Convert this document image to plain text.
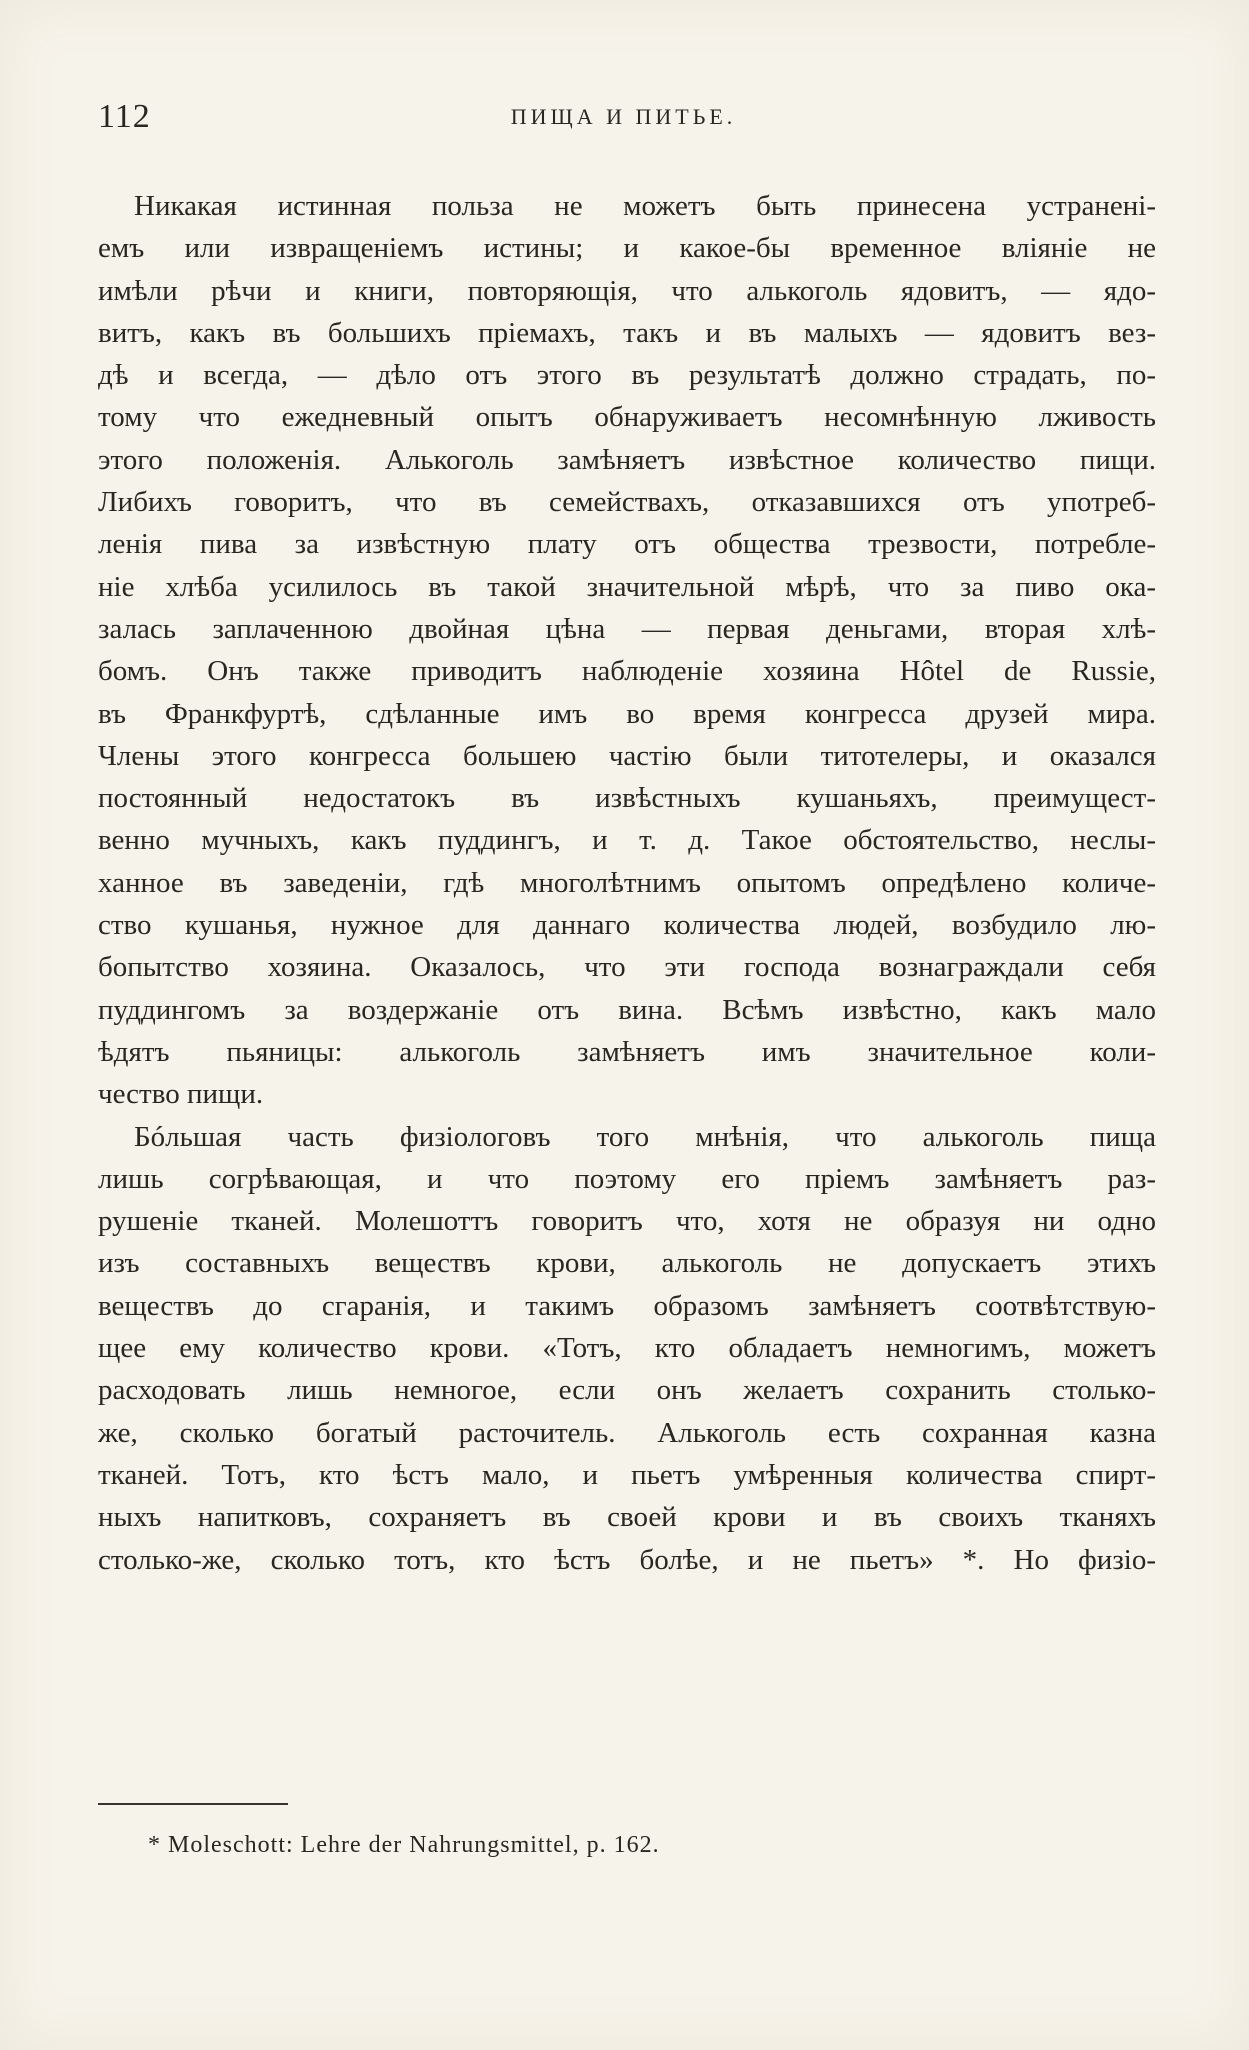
112	ПИЩА И ПИТЬЕ.
Никакая истинная польза не можетъ быть принесена устраненi-
емъ или извращенiемъ истины; и какое-бы временное влiянiе не
имѣли рѣчи и книги, повторяющiя, что алькоголь ядовитъ, — ядо-
витъ, какъ въ большихъ прiемахъ, такъ и въ малыхъ — ядовитъ вез-
дѣ и всегда, — дѣло отъ этого въ результатѣ должно страдать, по-
тому что ежедневный опытъ обнаруживаетъ несомнѣнную лживость
этого положенiя. Алькоголь замѣняетъ извѣстное количество пищи.
Либихъ говоритъ, что въ семействахъ, отказавшихся отъ употреб-
ленiя пива за извѣстную плату отъ общества трезвости, потребле-
нiе хлѣба усилилось въ такой значительной мѣрѣ, что за пиво ока-
залась заплаченною двойная цѣна — первая деньгами, вторая хлѣ-
бомъ. Онъ также приводитъ наблюденiе хозяина Hôtel de Russie,
въ Франкфуртѣ, сдѣланные имъ во время конгресса друзей мира.
Члены этого конгресса большею частiю были титотелеры, и оказался
постоянный недостатокъ въ извѣстныхъ кушаньяхъ, преимущест-
венно мучныхъ, какъ пуддингъ, и т. д. Такое обстоятельство, неслы-
ханное въ заведенiи, гдѣ многолѣтнимъ опытомъ опредѣлено количе-
ство кушанья, нужное для даннаго количества людей, возбудило лю-
бопытство хозяина. Оказалось, что эти господа вознаграждали себя
пуддингомъ за воздержанiе отъ вина. Всѣмъ извѣстно, какъ мало
ѣдятъ пьяницы: алькоголь замѣняетъ имъ значительное коли-
чество пищи.
Бóльшая часть физiологовъ того мнѣнiя, что алькоголь пища
лишь согрѣвающая, и что поэтому его прiемъ замѣняетъ раз-
рушенiе тканей. Молешоттъ говоритъ что, хотя не образуя ни одно
изъ составныхъ веществъ крови, алькоголь не допускаетъ этихъ
веществъ до сгаранiя, и такимъ образомъ замѣняетъ соотвѣтствую-
щее ему количество крови. «Тотъ, кто обладаетъ немногимъ, можетъ
расходовать лишь немногое, если онъ желаетъ сохранить столько-
же, сколько богатый расточитель. Алькоголь есть сохранная казна
тканей. Тотъ, кто ѣстъ мало, и пьетъ умѣренныя количества спирт-
ныхъ напитковъ, сохраняетъ въ своей крови и въ своихъ тканяхъ
столько-же, сколько тотъ, кто ѣстъ болѣе, и не пьетъ» *. Но физiо-
* Moleschott: Lehre der Nahrungsmittel, p. 162.
